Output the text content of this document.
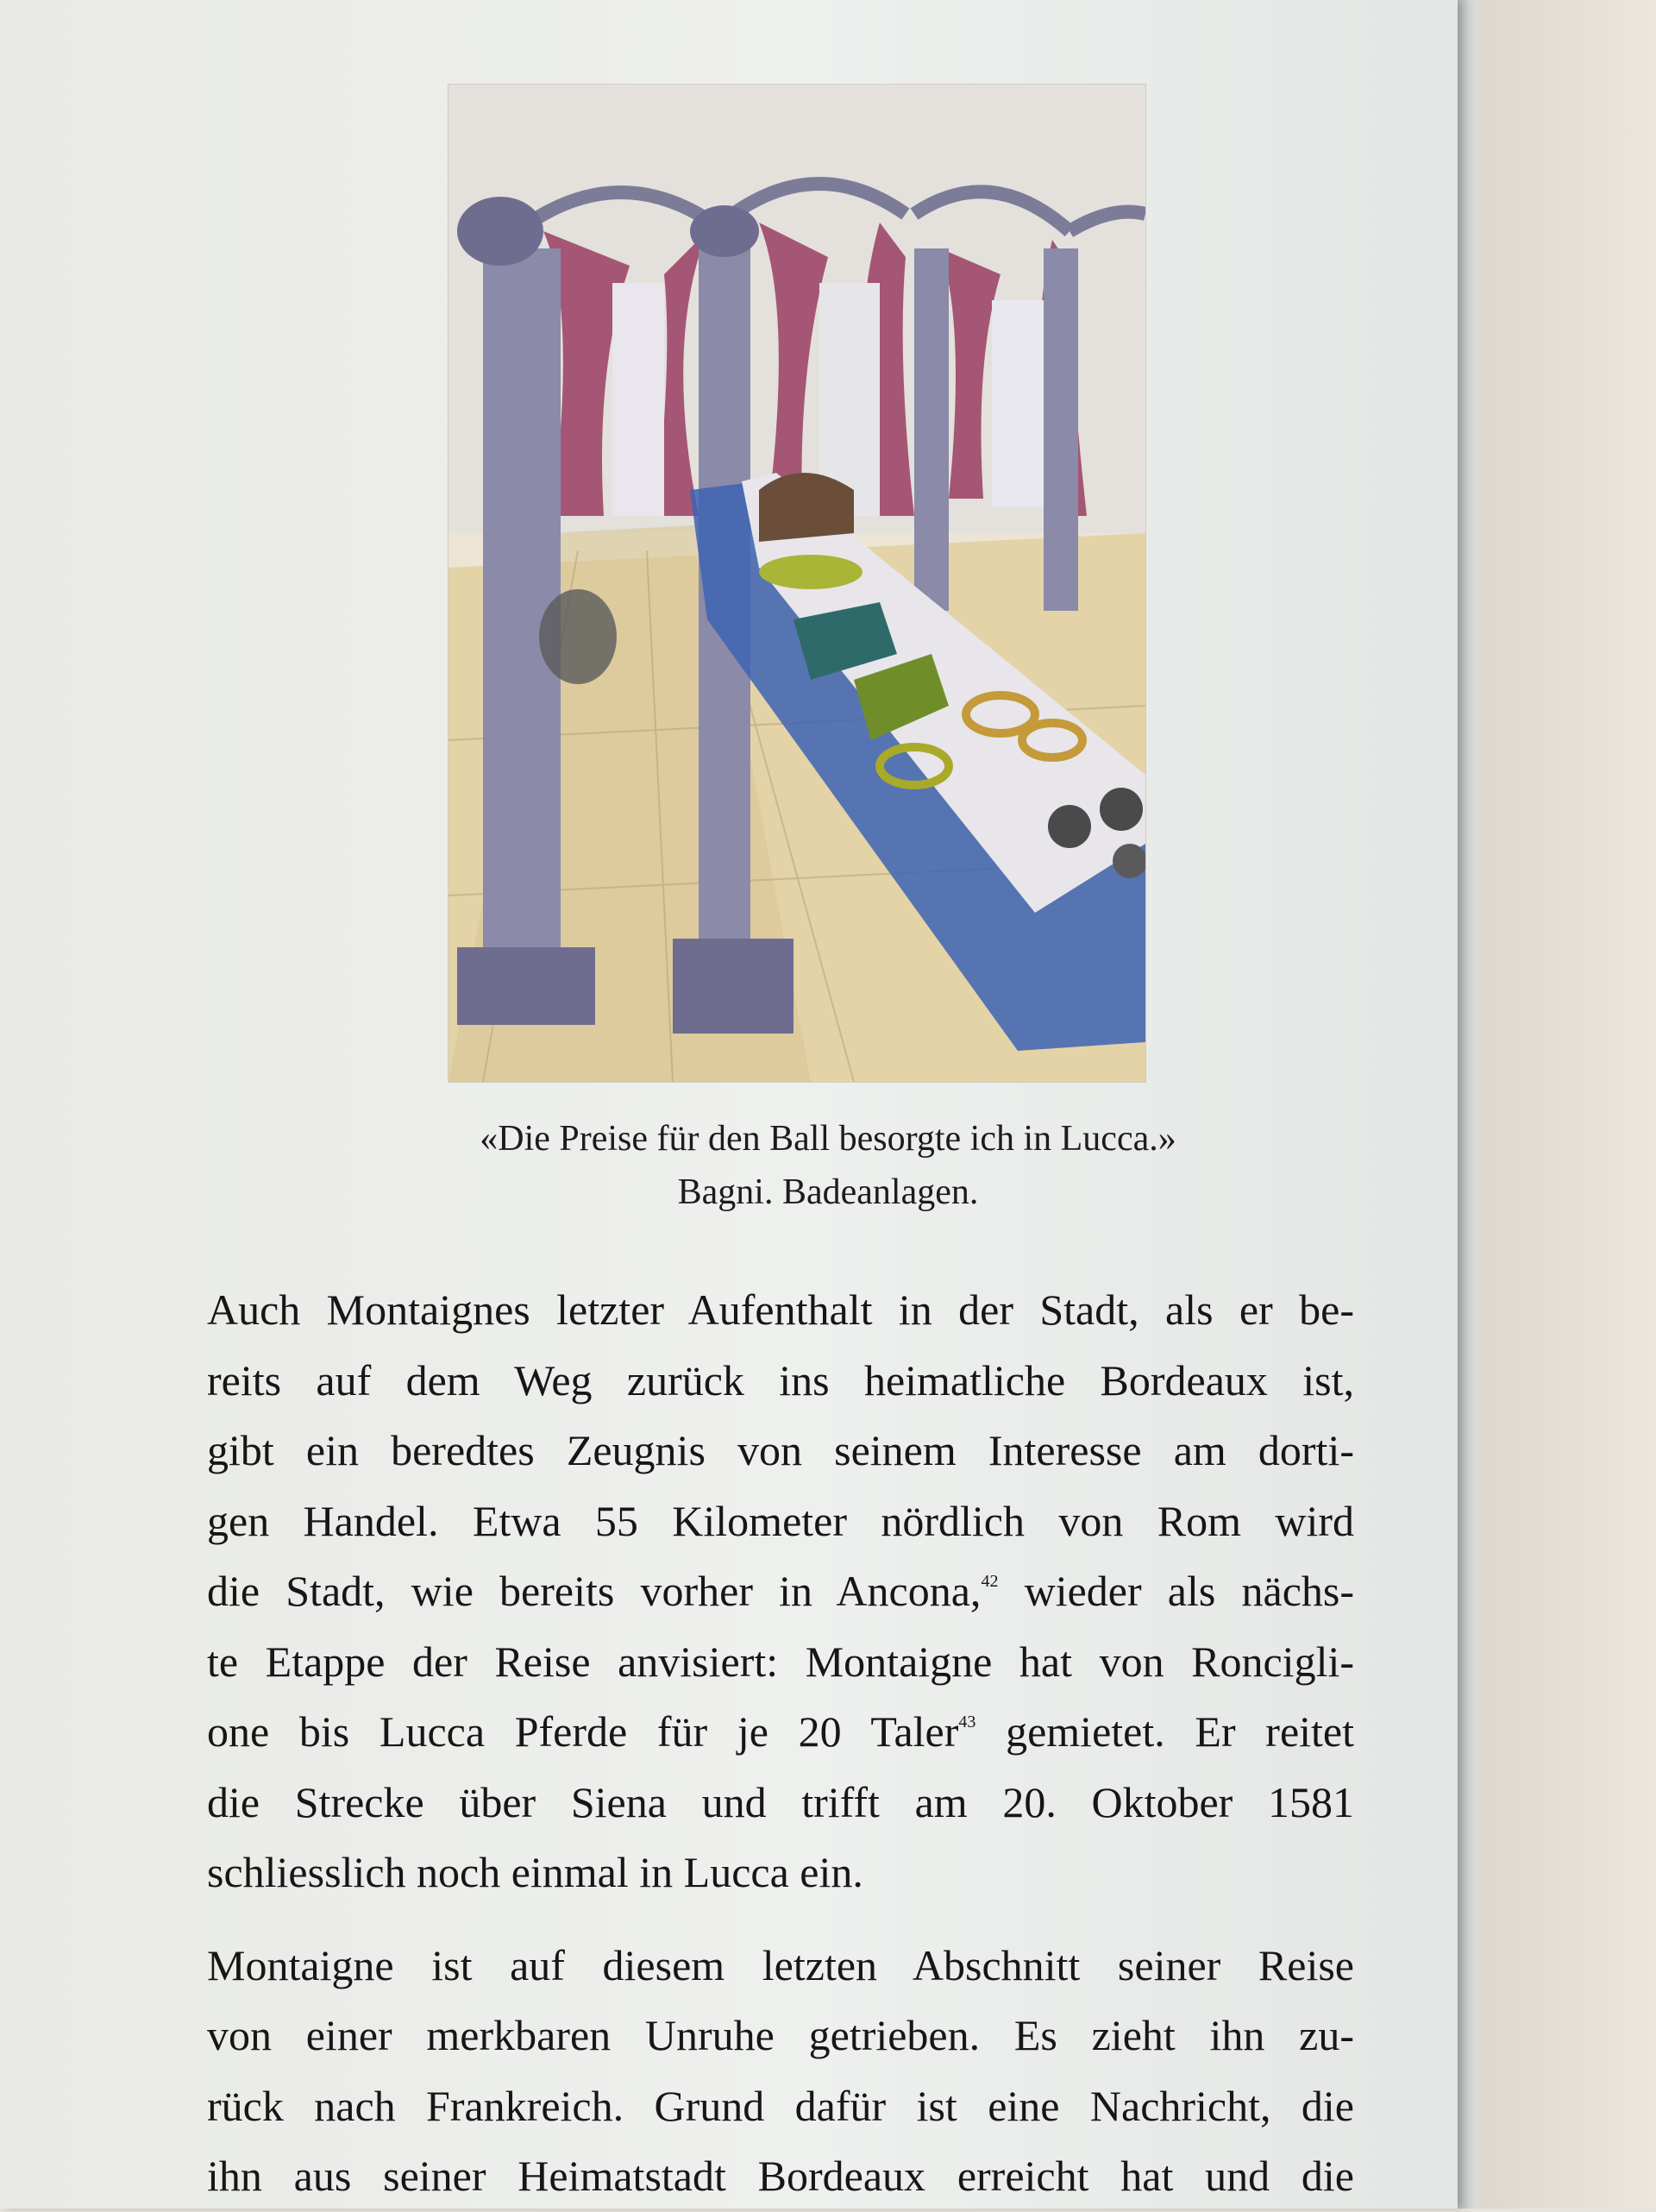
«Die Preise für den Ball besorgte ich in Lucca.»
Bagni. Badeanlagen.
Auch Montaignes letzter Aufenthalt in der Stadt, als er be-
reits auf dem Weg zurück ins heimatliche Bordeaux ist,
gibt ein beredtes Zeugnis von seinem Interesse am dorti-
gen Handel. Etwa 55 Kilometer nördlich von Rom wird
die Stadt, wie bereits vorher in Ancona,$^{42}$ wieder als nächs-
te Etappe der Reise anvisiert: Montaigne hat von Roncigli-
one bis Lucca Pferde für je 20 Taler$^{43}$ gemietet. Er reitet
die Strecke über Siena und trifft am 20. Oktober 1581
schliesslich noch einmal in Lucca ein.
Montaigne ist auf diesem letzten Abschnitt seiner Reise
von einer merkbaren Unruhe getrieben. Es zieht ihn zu-
rück nach Frankreich. Grund dafür ist eine Nachricht, die
ihn aus seiner Heimatstadt Bordeaux erreicht hat und die
